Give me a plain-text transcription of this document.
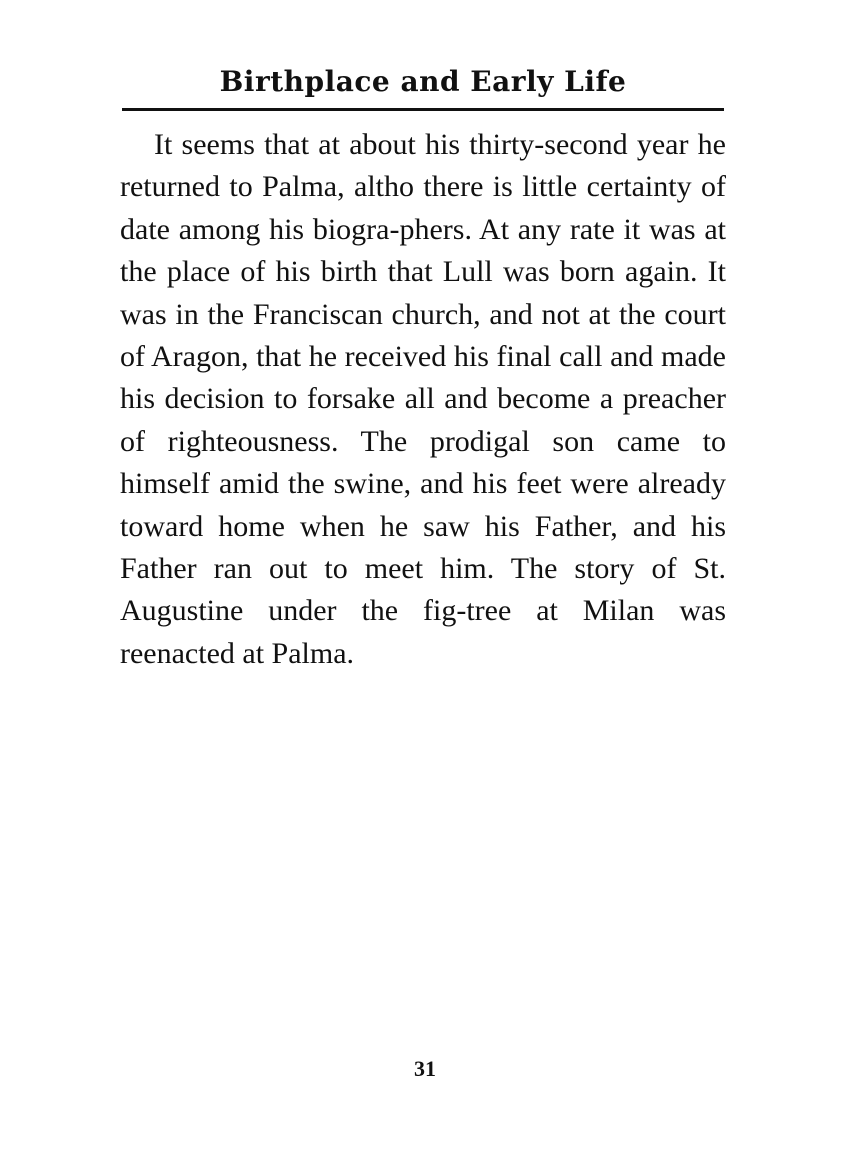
Birthplace and Early Life

It seems that at about his thirty-second year he returned to Palma, altho there is little certainty of date among his biogra-phers. At any rate it was at the place of his birth that Lull was born again. It was in the Franciscan church, and not at the court of Aragon, that he received his final call and made his decision to forsake all and become a preacher of righteousness. The prodigal son came to himself amid the swine, and his feet were already toward home when he saw his Father, and his Father ran out to meet him. The story of St. Augustine under the fig-tree at Milan was reenacted at Palma.

31
